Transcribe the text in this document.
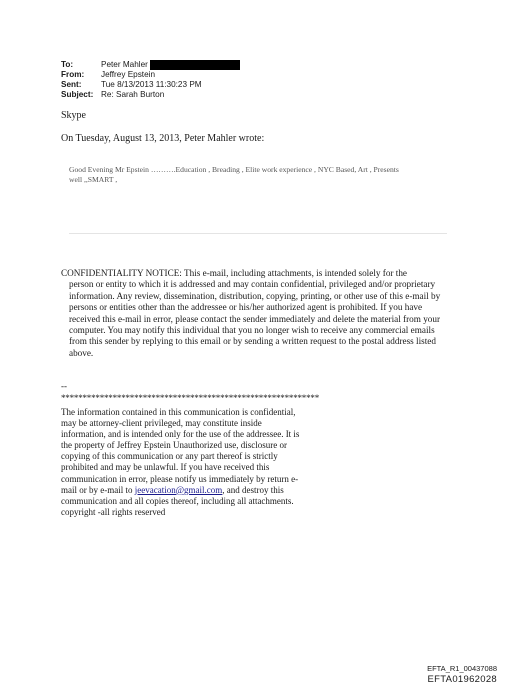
To:	Peter Mahler
From:	Jeffrey Epstein
Sent:	Tue 8/13/2013 11:30:23 PM
Subject: Re: Sarah Burton
Skype
On Tuesday, August 13, 2013, Peter Mahler wrote:
Good Evening Mr Epstein ……….Education , Breading , Elite work experience , NYC Based, Art , Presents
well ,,SMART ,
CONFIDENTIALITY NOTICE: This e-mail, including attachments, is intended solely for the
person or entity to which it is addressed and may contain confidential, privileged and/or proprietary information. Any review, dissemination, distribution, copying, printing, or other use of this e-mail by persons or entities other than the addressee or his/her authorized agent is prohibited. If you have received this e-mail in error, please contact the sender immediately and delete the material from your computer. You may notify this individual that you no longer wish to receive any commercial emails from this sender by replying to this email or by sending a written request to the postal address listed above.
--
************************************************************
The information contained in this communication is confidential, may be attorney-client privileged, may constitute inside information, and is intended only for the use of the addressee. It is the property of Jeffrey Epstein Unauthorized use, disclosure or copying of this communication or any part thereof is strictly prohibited and may be unlawful. If you have received this communication in error, please notify us immediately by return e-mail or by e-mail to jeevacation@gmail.com, and destroy this communication and all copies thereof, including all attachments. copyright -all rights reserved
EFTA_R1_00437088
EFTA01962028
